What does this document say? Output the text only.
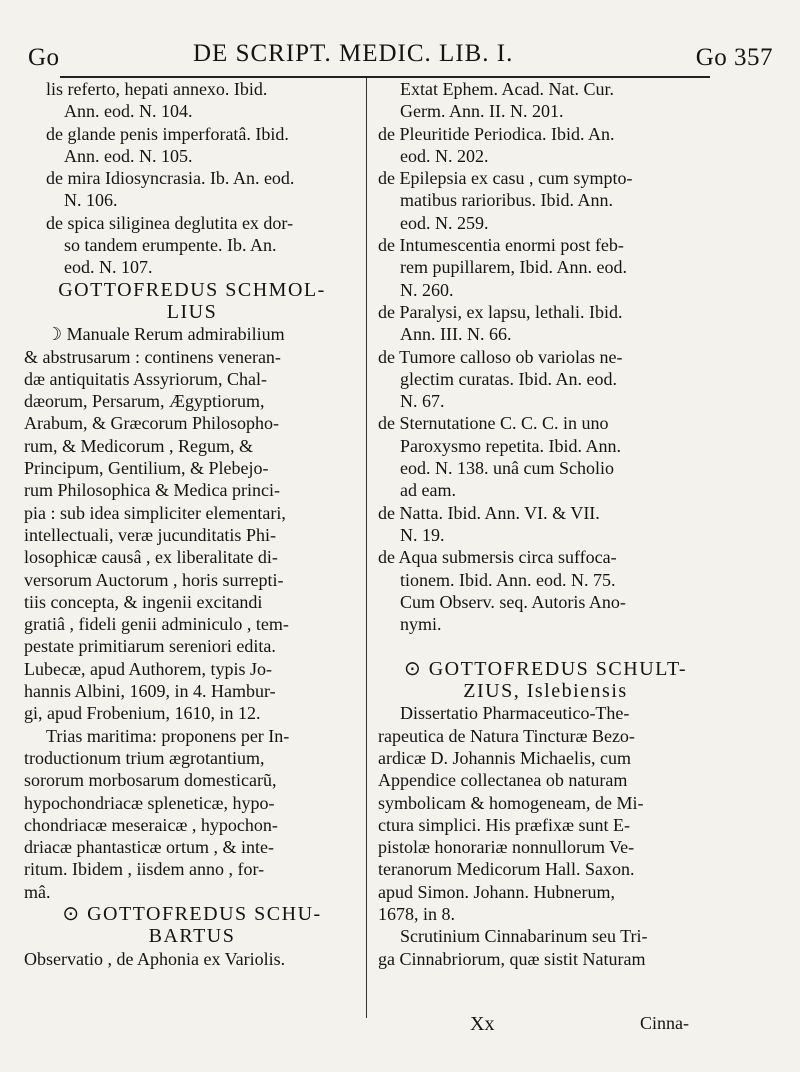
Go	DE SCRIPT. MEDIC. LIB. I.	Go 357
lis referto, hepati annexo. Ibid.
Ann. eod. N. 104.
de glande penis imperforatâ. Ibid.
Ann. eod. N. 105.
de mira Idiosyncrasia. Ib. An. eod.
N. 106.
de spica siliginea deglutita ex dor-
so tandem erumpente. Ib. An.
eod. N. 107.
GOTTOFREDUS SCHMOL-
LIUS
☽ Manuale Rerum admirabilium
& abstrusarum : continens veneran-
dæ antiquitatis Assyriorum, Chal-
dæorum, Persarum, Ægyptiorum,
Arabum, & Græcorum Philosopho-
rum, & Medicorum , Regum, &
Principum, Gentilium, & Plebejo-
rum Philosophica & Medica princi-
pia : sub idea simpliciter elementari,
intellectuali, veræ jucunditatis Phi-
losophicæ causâ , ex liberalitate di-
versorum Auctorum , horis surrepti-
tiis concepta, & ingenii excitandi
gratiâ , fideli genii adminiculo , tem-
pestate primitiarum sereniori edita.
Lubecæ, apud Authorem, typis Jo-
hannis Albini, 1609, in 4. Hambur-
gi, apud Frobenium, 1610, in 12.
Trias maritima: proponens per In-
troductionum trium ægrotantium,
sororum morbosarum domesticarũ,
hypochondriacæ spleneticæ, hypo-
chondriacæ meseraicæ , hypochon-
driacæ phantasticæ ortum , & inte-
ritum. Ibidem , iisdem anno , for-
mâ.
⊙ GOTTOFREDUS SCHU-
BARTUS
Observatio , de Aphonia ex Variolis.
Extat Ephem. Acad. Nat. Cur.
Germ. Ann. II. N. 201.
de Pleuritide Periodica. Ibid. An.
eod. N. 202.
de Epilepsia ex casu , cum sympto-
matibus rarioribus. Ibid. Ann.
eod. N. 259.
de Intumescentia enormi post feb-
rem pupillarem, Ibid. Ann. eod.
N. 260.
de Paralysi, ex lapsu, lethali. Ibid.
Ann. III. N. 66.
de Tumore calloso ob variolas ne-
glectim curatas. Ibid. An. eod.
N. 67.
de Sternutatione C. C. C. in uno
Paroxysmo repetita. Ibid. Ann.
eod. N. 138. unâ cum Scholio
ad eam.
de Natta. Ibid. Ann. VI. & VII.
N. 19.
de Aqua submersis circa suffoca-
tionem. Ibid. Ann. eod. N. 75.
Cum Observ. seq. Autoris Ano-
nymi.
⊙ GOTTOFREDUS SCHULT-
ZIUS, Islebiensis
Dissertatio Pharmaceutico-The-
rapeutica de Natura Tincturæ Bezo-
ardicæ D. Johannis Michaelis, cum
Appendice collectanea ob naturam
symbolicam & homogeneam, de Mi-
ctura simplici. His præfixæ sunt E-
pistolæ honorariæ nonnullorum Ve-
teranorum Medicorum Hall. Saxon.
apud Simon. Johann. Hubnerum,
1678, in 8.
Scrutinium Cinnabarinum seu Tri-
ga Cinnabriorum, quæ sistit Naturam
Xx	Cinna-
